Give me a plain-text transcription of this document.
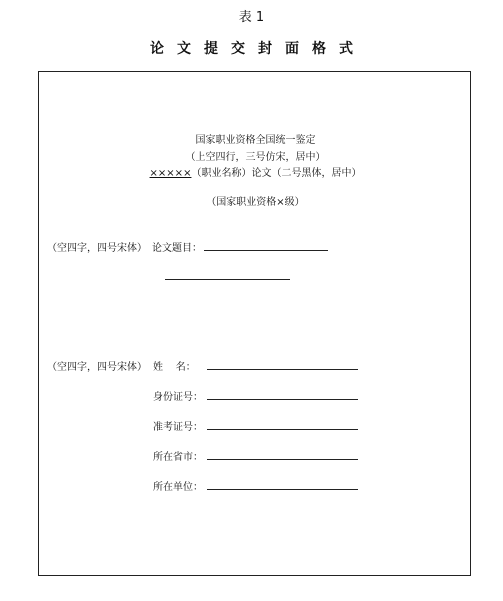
表 1
论文提交封面格式
国家职业资格全国统一鉴定
（上空四行，三号仿宋，居中）
×××××（职业名称）论文（二号黑体，居中）
（国家职业资格×级）
（空四字，四号宋体） 论文题目：
（空四字，四号宋体） 姓    名：
身份证号：
准考证号：
所在省市：
所在单位：
